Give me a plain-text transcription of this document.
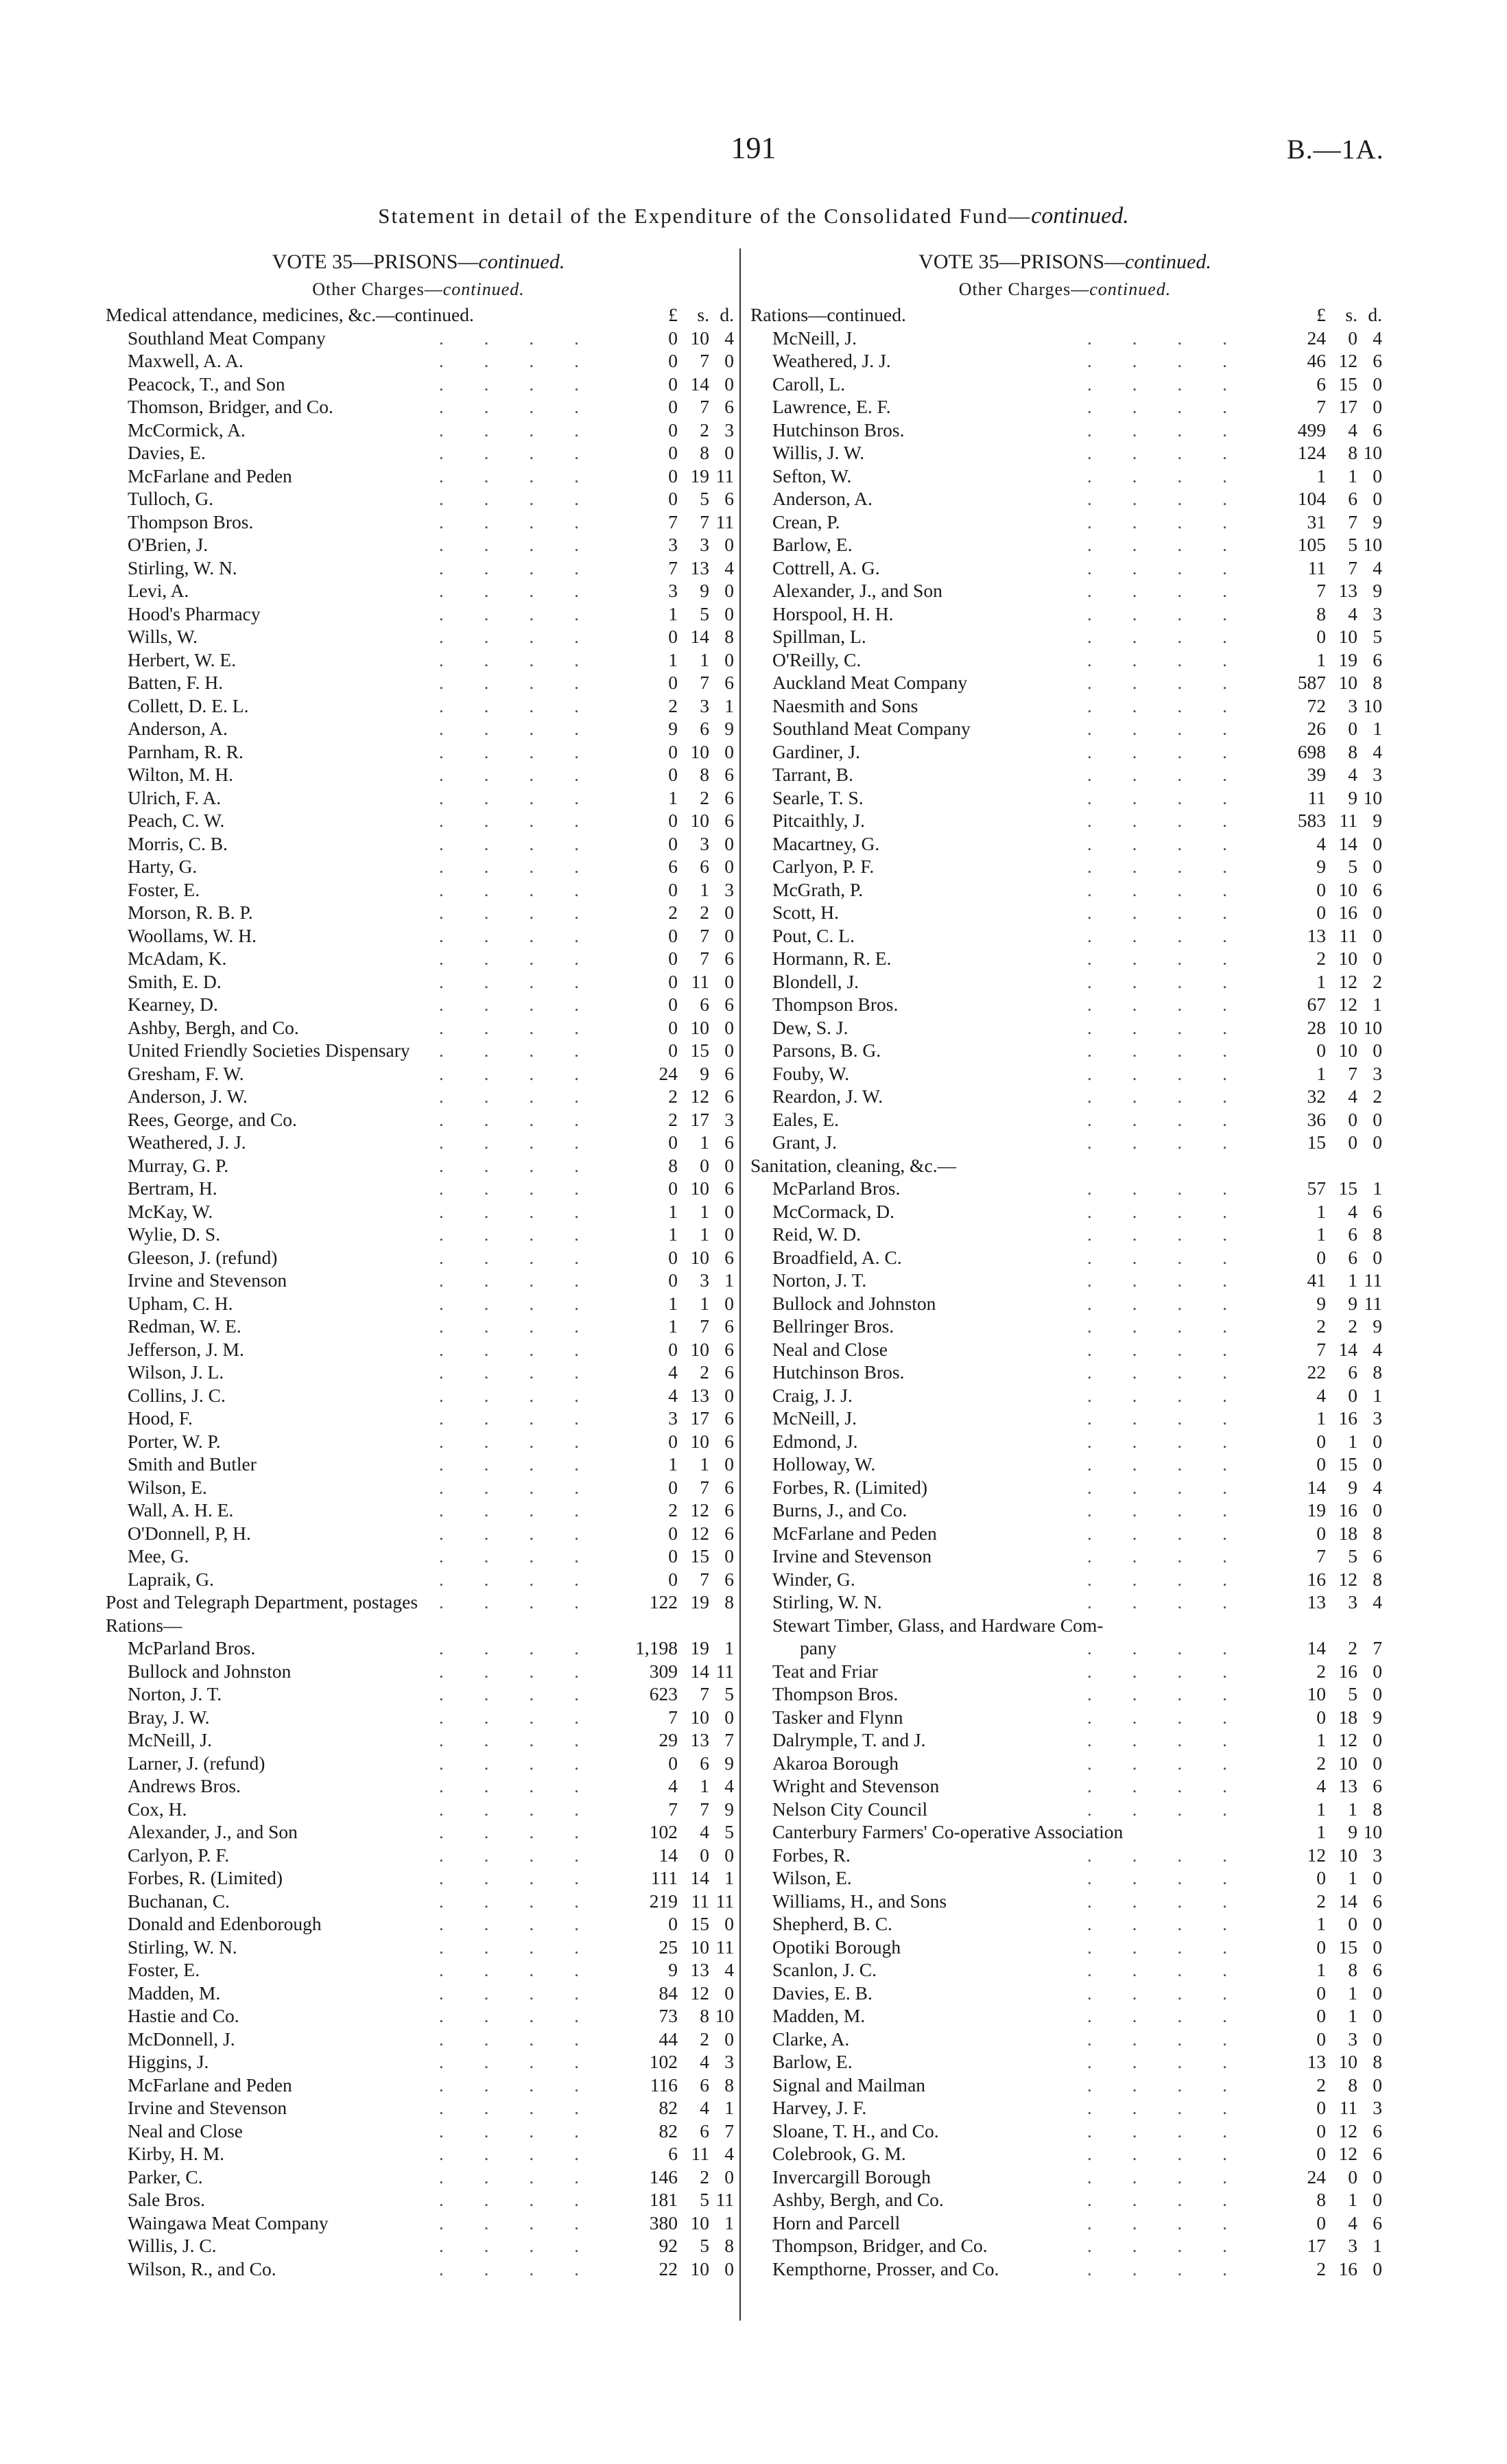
191	B.—1A.
Statement in detail of the Expenditure of the Consolidated Fund—continued.
VOTE 35—PRISONS—continued.
Other Charges—continued.
Medical attendance, medicines, &c.—continued.	£	s. d.
Southland Meat Company	. . . .	0 10 4
Maxwell, A. A.	. . . .	0	7 0
Peacock, T., and Son	. . . .	0 14 0
Thomson, Bridger, and Co.	. . . .	0	7 6
McCormick, A.	. . . .	0	2 3
Davies, E.	. . . .	0	8 0
McFarlane and Peden	. . . .	0 19 11
Tulloch, G.	. . . .	0	5 6
Thompson Bros.	. . . .	7	7 11
O'Brien, J.	. . . .	3	3 0
Stirling, W. N.	. . . .	7 13 4
Levi, A.	. . . .	3	9 0
Hood's Pharmacy	. . . .	1	5 0
Wills, W.	. . . .	0 14 8
Herbert, W. E.	. . . .	1	1 0
Batten, F. H.	. . . .	0	7 6
Collett, D. E. L.	. . . .	2	3 1
Anderson, A.	. . . .	9	6 9
Parnham, R. R.	. . . .	0 10 0
Wilton, M. H.	. . . .	0	8 6
Ulrich, F. A.	. . . .	1	2 6
Peach, C. W.	. . . .	0 10 6
Morris, C. B.	. . . .	0	3 0
Harty, G.	. . . .	6	6 0
Foster, E.	. . . .	0	1 3
Morson, R. B. P.	. . . .	2	2 0
Woollams, W. H.	. . . .	0	7 0
McAdam, K.	. . . .	0	7 6
Smith, E. D.	. . . .	0 11 0
Kearney, D.	. . . .	0	6 6
Ashby, Bergh, and Co.	. . . .	0 10 0
United Friendly Societies Dispensary . . . .	0 15 0
Gresham, F. W.	. . . .	24	9 6
Anderson, J. W.	. . . .	2 12 6
Rees, George, and Co.	. . . .	2 17 3
Weathered, J. J.	. . . .	0	1 6
Murray, G. P.	. . . .	8	0 0
Bertram, H.	. . . .	0 10 6
McKay, W.	. . . .	1	1 0
Wylie, D. S.	. . . .	1	1 0
Gleeson, J. (refund)	. . . .	0 10 6
Irvine and Stevenson	. . . .	0	3 1
Upham, C. H.	. . . .	1	1 0
Redman, W. E.	. . . .	1	7 6
Jefferson, J. M.	. . . .	0 10 6
Wilson, J. L.	. . . .	4	2 6
Collins, J. C.	. . . .	4 13 0
Hood, F.	. . . .	3 17 6
Porter, W. P.	. . . .	0 10 6
Smith and Butler	. . . .	1	1 0
Wilson, E.	. . . .	0	7 6
Wall, A. H. E.	. . . .	2 12 6
O'Donnell, P, H.	. . . .	0 12 6
Mee, G.	. . . .	0 15 0
Lapraik, G.	. . . .	0	7 6
Post and Telegraph Department, postages . . . .	122 19 8
Rations—
McParland Bros.	. . . . 1,198 19 1
Bullock and Johnston	. . . .	309 14 11
Norton, J. T.	. . . .	623	7 5
Bray, J. W.	. . . .	7 10 0
McNeill, J.	. . . .	29 13 7
Larner, J. (refund)	. . . .	0	6 9
Andrews Bros.	. . . .	4	1 4
Cox, H.	. . . .	7	7 9
Alexander, J., and Son	. . . .	102	4 5
Carlyon, P. F.	. . . .	14	0 0
Forbes, R. (Limited)	. . . .	111 14 1
Buchanan, C.	. . . .	219 11 11
Donald and Edenborough	. . . .	0 15 0
Stirling, W. N.	. . . .	25 10 11
Foster, E.	. . . .	9 13 4
Madden, M.	. . . .	84 12 0
Hastie and Co.	. . . .	73	8 10
McDonnell, J.	. . . .	44	2 0
Higgins, J.	. . . .	102	4 3
McFarlane and Peden	. . . .	116	6 8
Irvine and Stevenson	. . . .	82	4 1
Neal and Close	. . . .	82	6 7
Kirby, H. M.	. . . .	6 11 4
Parker, C.	. . . .	146	2 0
Sale Bros.	. . . .	181	5 11
Waingawa Meat Company	. . . .	380 10 1
Willis, J. C.	. . . .	92	5 8
Wilson, R., and Co.	. . . .	22 10 0
VOTE 35—PRISONS—continued.
Other Charges—continued.
Rations—continued.	£	s. d.
McNeill, J.	. . . .	24	0 4
Weathered, J. J.	. . . .	46 12 6
Caroll, L.	. . . .	6 15 0
Lawrence, E. F.	. . . .	7 17 0
Hutchinson Bros.	. . . .	499	4 6
Willis, J. W.	. . . .	124	8 10
Sefton, W.	. . . .	1	1 0
Anderson, A.	. . . .	104	6 0
Crean, P.	. . . .	31	7 9
Barlow, E.	. . . .	105	5 10
Cottrell, A. G.	. . . .	11	7 4
Alexander, J., and Son	. . . .	7 13 9
Horspool, H. H.	. . . .	8	4 3
Spillman, L.	. . . .	0 10 5
O'Reilly, C.	. . . .	1 19 6
Auckland Meat Company	. . . .	587 10 8
Naesmith and Sons	. . . .	72	3 10
Southland Meat Company	. . . .	26	0 1
Gardiner, J.	. . . .	698	8 4
Tarrant, B.	. . . .	39	4 3
Searle, T. S.	. . . .	11	9 10
Pitcaithly, J.	. . . .	583 11 9
Macartney, G.	. . . .	4 14 0
Carlyon, P. F.	. . . .	9	5 0
McGrath, P.	. . . .	0 10 6
Scott, H.	. . . .	0 16 0
Pout, C. L.	. . . .	13 11 0
Hormann, R. E.	. . . .	2 10 0
Blondell, J.	. . . .	1 12 2
Thompson Bros.	. . . .	67 12 1
Dew, S. J.	. . . .	28 10 10
Parsons, B. G.	. . . .	0 10 0
Fouby, W.	. . . .	1	7 3
Reardon, J. W.	. . . .	32	4 2
Eales, E.	. . . .	36	0 0
Grant, J.	. . . .	15	0 0
Sanitation, cleaning, &c.—
McParland Bros.	. . . .	57 15 1
McCormack, D.	. . . .	1	4 6
Reid, W. D.	. . . .	1	6 8
Broadfield, A. C.	. . . .	0	6 0
Norton, J. T.	. . . .	41	1 11
Bullock and Johnston	. . . .	9	9 11
Bellringer Bros.	. . . .	2	2 9
Neal and Close	. . . .	7 14 4
Hutchinson Bros.	. . . .	22	6 8
Craig, J. J.	. . . .	4	0 1
McNeill, J.	. . . .	1 16 3
Edmond, J.	. . . .	0	1 0
Holloway, W.	. . . .	0 15 0
Forbes, R. (Limited)	. . . .	14	9 4
Burns, J., and Co.	. . . .	19 16 0
McFarlane and Peden	. . . .	0 18 8
Irvine and Stevenson	. . . .	7	5 6
Winder, G.	. . . .	16 12 8
Stirling, W. N.	. . . .	13	3 4
Stewart Timber, Glass, and Hardware Com-
pany	. . . .	14	2 7
Teat and Friar	. . . .	2 16 0
Thompson Bros.	. . . .	10	5 0
Tasker and Flynn	. . . .	0 18 9
Dalrymple, T. and J.	. . . .	1 12 0
Akaroa Borough	. . . .	2 10 0
Wright and Stevenson	. . . .	4 13 6
Nelson City Council	. . . .	1	1 8
Canterbury Farmers' Co-operative Association	1	9 10
Forbes, R.	. . . .	12 10 3
Wilson, E.	. . . .	0	1 0
Williams, H., and Sons	. . . .	2 14 6
Shepherd, B. C.	. . . .	1	0 0
Opotiki Borough	. . . .	0 15 0
Scanlon, J. C.	. . . .	1	8 6
Davies, E. B.	. . . .	0	1 0
Madden, M.	. . . .	0	1 0
Clarke, A.	. . . .	0	3 0
Barlow, E.	. . . .	13 10 8
Signal and Mailman	. . . .	2	8 0
Harvey, J. F.	. . . .	0 11 3
Sloane, T. H., and Co.	. . . .	0 12 6
Colebrook, G. M.	. . . .	0 12 6
Invercargill Borough	. . . .	24	0 0
Ashby, Bergh, and Co.	. . . .	8	1 0
Horn and Parcell	. . . .	0	4 6
Thompson, Bridger, and Co.	. . . .	17	3 1
Kempthorne, Prosser, and Co.	. . . .	2 16 0
